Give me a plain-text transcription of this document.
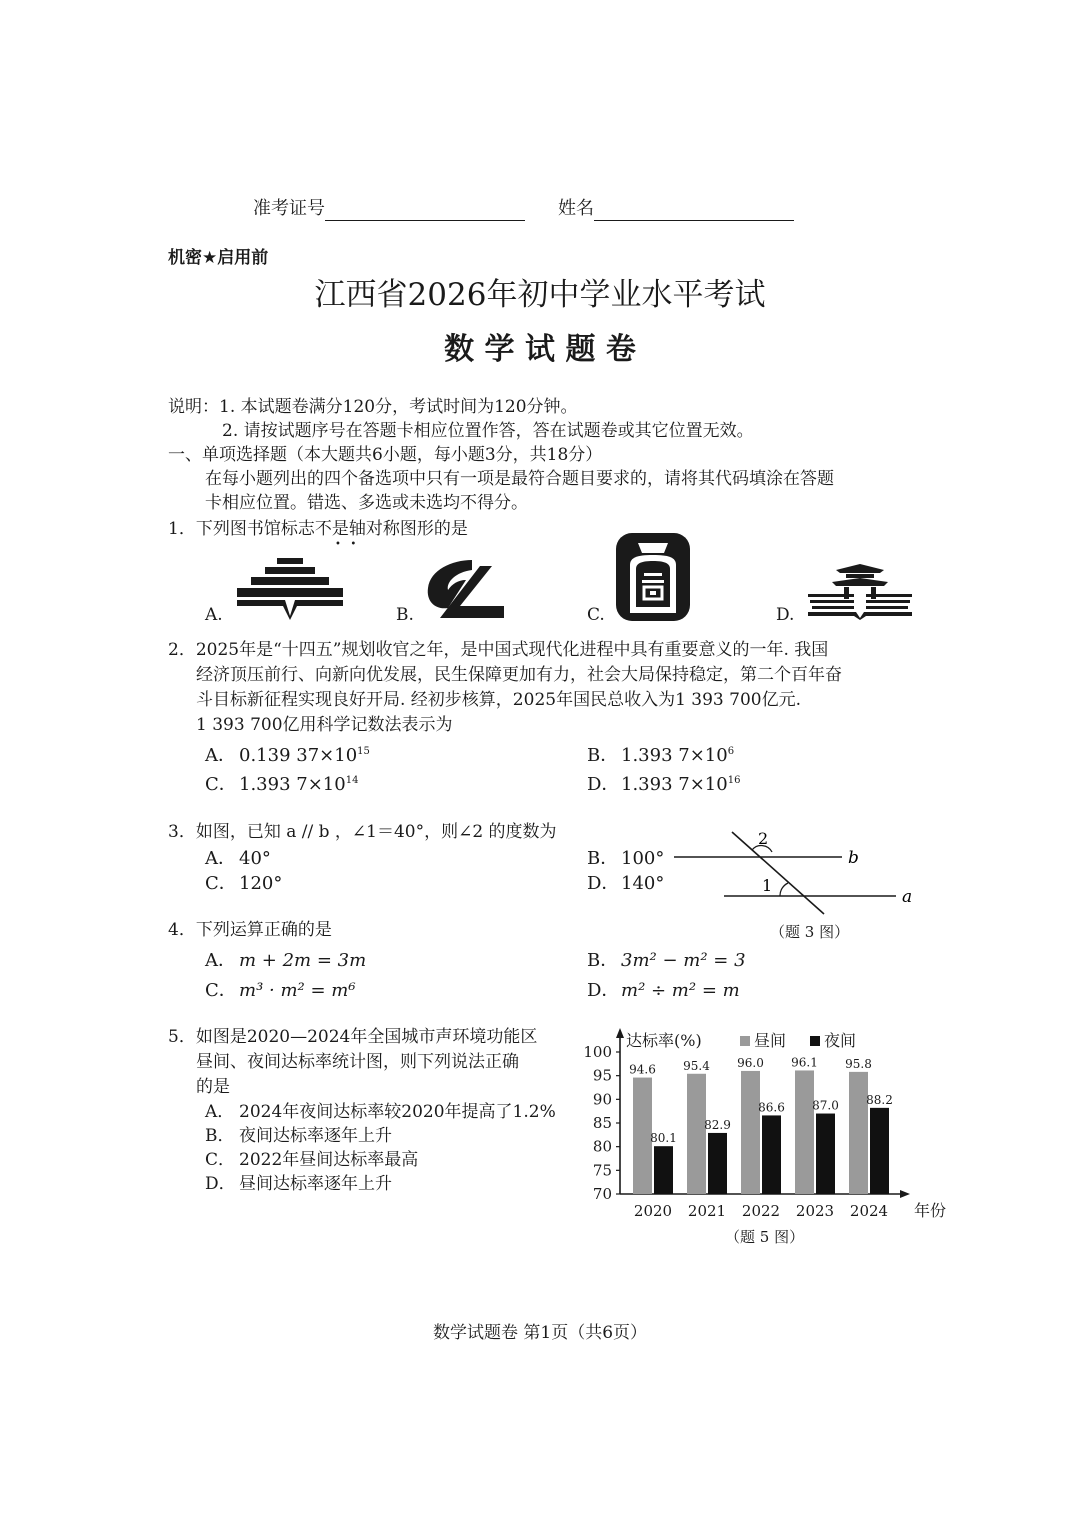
准考证号	姓名
机密★启用前
江西省2026年初中学业水平考试
数 学 试 题 卷
说明：1. 本试题卷满分120分，考试时间为120分钟。
2. 请按试题序号在答题卡相应位置作答，答在试题卷或其它位置无效。
一、单项选择题（本大题共6小题，每小题3分，共18分）
在每小题列出的四个备选项中只有一项是最符合题目要求的，请将其代码填涂在答题
卡相应位置。错选、多选或未选均不得分。
1．下列图书馆标志不是轴对称图形的是
•   •
A.	B.	C.	D.
2．2025年是“十四五”规划收官之年，是中国式现代化进程中具有重要意义的一年. 我国
经济顶压前行、向新向优发展，民生保障更加有力，社会大局保持稳定，第二个百年奋
斗目标新征程实现良好开局. 经初步核算，2025年国民总收入为1 393 700亿元.
1 393 700亿用科学记数法表示为
A． 0.139 $37\times 10^{15}$	B． 1.393 $7\times 10^6$
C． 1.393 $7\times 10^{14}$	D．1.393 $7\times 10^{16}$
3．如图，已知 a // b ，∠1＝40°，则∠2 的度数为
A． 40°	B． 100°
C． 120°	D．140°
2
1
b
a
（题 3 图）
4．下列运算正确的是
A． m + 2m = 3m	B． 3m² − m² = 3
C． m³ · m² = m⁶	D．m² ÷ m² = m
5．如图是2020—2024年全国城市声环境功能区
昼间、夜间达标率统计图，则下列说法正确
的是
A． 2024年夜间达标率较2020年提高了1.2%
B． 夜间达标率逐年上升
C． 2022年昼间达标率最高
D． 昼间达标率逐年上升	70
75
80
85
90
95
100
达标率(%)
年份
昼间 夜间
94.6
80.1
2020
95.4
82.9
2021
96.0
86.6
2022
96.1
87.0
2023
95.8
88.2
2024
（题 5 图）
数学试题卷 第1页（共6页）
